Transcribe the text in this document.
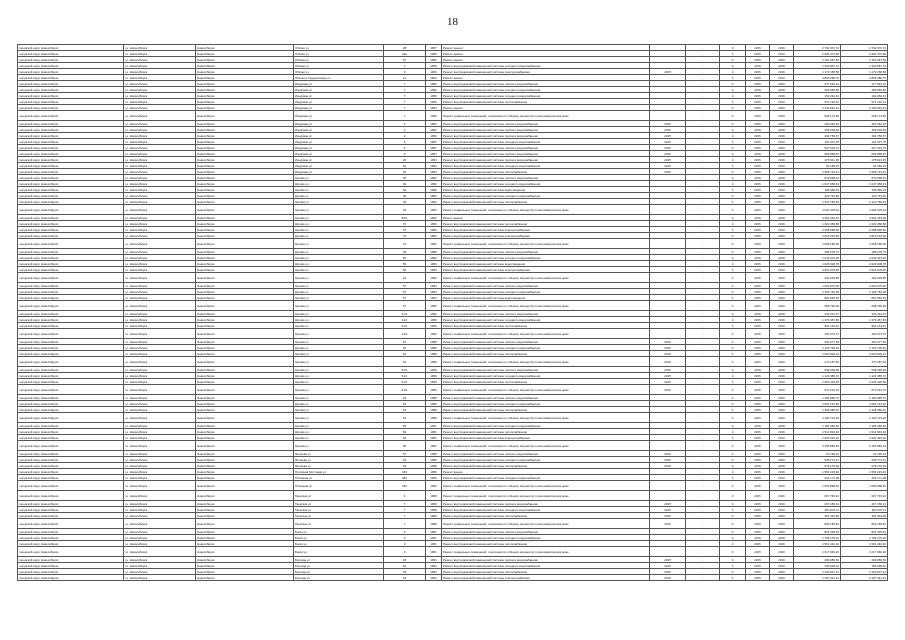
18
городской округ Новосибирск	г.о. Новосибирск	Новосибирск	Обская ул	28	1957	Ремонт крыши		-	0	2015	2016	2 794 970,72	2 794 970,72
городской округ Новосибирск	г.о. Новосибирск	Новосибирск	Обская ул	34а	1956	Ремонт крыши		-	0	2015	2016	1 694 472,96	1 694 472,96
городской округ Новосибирск	г.о. Новосибирск	Новосибирск	Обская ул	97	1960	Ремонт крыши		-	0	2015	2016	1 161 087,53	1 161 087,53
городской округ Новосибирск	г.о. Новосибирск	Новосибирск	Обская ул	7	1959	Ремонт внутридомовой инженерной системы холодного водоснабжения		-	0	2015	2016	1 329 867,72	1 329 867,72
городской округ Новосибирск	г.о. Новосибирск	Новосибирск	Обская ул	3	1964	Ремонт внутридомовой инженерной системы электроснабжения	2015	-	0	2015	2016	1 172 158,58	1 172 158,58
городской округ Новосибирск	г.о. Новосибирск	Новосибирск	Обьского Гидрозатвора ул	11	1963	Ремонт крыши		-	0	2015	2016	4 866 286,70	4 866 286,70
городской округ Новосибирск	г.о. Новосибирск	Новосибирск	Инкурман ул	7	1956	Ремонт внутридомовой инженерной системы горячего водоснабжения		-	0	2015	2016	377 646,24	377 646,24
городской округ Новосибирск	г.о. Новосибирск	Новосибирск	Инкурман ул	7	1956	Ремонт внутридомовой инженерной системы холодного водоснабжения		-	0	2015	2016	459 950,80	459 950,80
городской округ Новосибирск	г.о. Новосибирск	Новосибирск	Инкурман ул	7	1956	Ремонт внутридомовой инженерной системы холодного водоснабжения		-	0	2015	2016	163 262,43	163 262,43
городской округ Новосибирск	г.о. Новосибирск	Новосибирск	Инкурман ул	7	1956	Ремонт внутридомовой инженерной системы теплоснабжения		-	0	2015	2016	574 132,21	574 132,21
городской округ Новосибирск	г.о. Новосибирск	Новосибирск	Инкурман ул	7	1953	Ремонт крыши		-	0	2015	2016	2 440 932,44	2 440 932,44
городской округ Новосибирск	г.о. Новосибирск	Новосибирск	Инкурман ул	7	1956	Ремонт подвальных помещений, относящихся к общему имуществу в многоквартирном доме		-	0	2015	2016	528 173,50	528 173,50
городской округ Новосибирск	г.о. Новосибирск	Новосибирск	Инкурман ул	2	1952	Ремонт внутридомовой инженерной системы горячего водоснабжения	2015	-	0	2015	2016	492 062,45	492 062,45
городской округ Новосибирск	г.о. Новосибирск	Новосибирск	Инкурман ул	2	1952	Ремонт внутридомовой инженерной системы горячего водоснабжения	2015	-	0	2015	2016	466 618,45	466 618,45
городской округ Новосибирск	г.о. Новосибирск	Новосибирск	Инкурман ул	2	1952	Ремонт внутридомовой инженерной системы горячего водоснабжения	2015	-	0	2015	2016	294 756,67	294 756,67
городской округ Новосибирск	г.о. Новосибирск	Новосибирск	Инкурман ул	6	1957	Ремонт внутридомовой инженерной системы холодного водоснабжения	2015	-	0	2015	2016	161 007,78	161 007,78
городской округ Новосибирск	г.о. Новосибирск	Новосибирск	Инкурман ул	6	1957	Ремонт внутридомовой инженерной системы горячего водоснабжения	2015	-	0	2015	2016	527 034,72	527 034,72
городской округ Новосибирск	г.о. Новосибирск	Новосибирск	Инкурман ул	6	1957	Ремонт внутридомовой инженерной системы горячего водоснабжения	2015	-	0	2015	2016	665 868,87	665 868,87
городской округ Новосибирск	г.о. Новосибирск	Новосибирск	Инкурман ул	20	1954	Ремонт внутридомовой инженерной системы горячего водоснабжения	2015	-	0	2015	2016	478 921,35	478 921,35
городской округ Новосибирск	г.о. Новосибирск	Новосибирск	Инкурман ул	20	1954	Ремонт внутридомовой инженерной системы холодного водоснабжения	2015	-	0	2015	2016	92 180,23	92 180,23
городской округ Новосибирск	г.о. Новосибирск	Новосибирск	Инкурман ул	32	1953	Ремонт внутридомовой инженерной системы теплоснабжения	2015	-	0	2015	2016	1 968 743,41	1 968 743,41
городской округ Новосибирск	г.о. Новосибирск	Новосибирск	Кирова ул	30	1952	Ремонт внутридомовой инженерной системы горячего водоснабжения		-	0	2015	2016	879 698,44	879 698,44
городской округ Новосибирск	г.о. Новосибирск	Новосибирск	Кирова ул	30	1952	Ремонт внутридомовой инженерной системы холодного водоснабжения		-	0	2015	2016	1 047 058,43	1 047 058,43
городской округ Новосибирск	г.о. Новосибирск	Новосибирск	Кирова ул	49	1952	Ремонт внутридомовой инженерной системы водоотведения		-	0	2015	2016	199 466,23	199 466,23
городской округ Новосибирск	г.о. Новосибирск	Новосибирск	Кирова ул	49	1952	Ремонт внутридомовой инженерной системы холодного водоснабжения		-	0	2015	2016	422 733,82	422 733,82
городской округ Новосибирск	г.о. Новосибирск	Новосибирск	Кирова ул	49	1952	Ремонт внутридомовой инженерной системы теплоснабжения		-	0	2015	2016	1 410 786,63	1 410 786,63
городской округ Новосибирск	г.о. Новосибирск	Новосибирск	Кирова ул	49	1952	Ремонт подвальных помещений, относящихся к общему имуществу в многоквартирном доме		-	0	2015	2016	1 064 478,01	1 064 478,01
городской округ Новосибирск	г.о. Новосибирск	Новосибирск	Кирова ул	69/1	1952	Ремонт крыши		-	0	2015	2016	3 291 263,30	3 291 263,30
городской округ Новосибирск	г.о. Новосибирск	Новосибирск	Кирова ул	76	1953	Ремонт внутридомовой инженерной системы теплоснабжения		-	0	2015	2016	1 023 458,88	1 023 458,88
городской округ Новосибирск	г.о. Новосибирск	Новосибирск	Кирова ул	76	1952	Ремонт внутридомовой инженерной системы электроснабжения		-	0	2015	2016	2 298 698,60	2 298 698,60
городской округ Новосибирск	г.о. Новосибирск	Новосибирск	Кирова ул	76	1952	Ремонт внутридомовой инженерной системы электроснабжения		-	0	2015	2016	2 815 216,66	2 815 216,66
городской округ Новосибирск	г.о. Новосибирск	Новосибирск	Кирова ул	76	1952	Ремонт подвальных помещений, относящихся к общему имуществу в многоквартирном доме		-	0	2015	2016	1 098 158,00	1 098 158,00
городской округ Новосибирск	г.о. Новосибирск	Новосибирск	Кирова ул	39	1959	Ремонт внутридомовой инженерной системы горячего водоснабжения		-	0	2015	2016	488 278,73	488 278,73
городской округ Новосибирск	г.о. Новосибирск	Новосибирск	Кирова ул	55	1953	Ремонт внутридомовой инженерной системы холодного водоснабжения		-	0	2015	2016	1 043 413,26	1 043 413,26
городской округ Новосибирск	г.о. Новосибирск	Новосибирск	Кирова ул	55	1953	Ремонт внутридомовой инженерной системы водоотведения		-	0	2015	2016	1 026 608,78	1 026 608,78
городской округ Новосибирск	г.о. Новосибирск	Новосибирск	Кирова ул	55	1953	Ремонт внутридомовой инженерной системы электроснабжения		-	0	2015	2016	4 901 678,25	4 901 678,25
городской округ Новосибирск	г.о. Новосибирск	Новосибирск	Кирова ул	22	1956	Ремонт подвальных помещений, относящихся к общему имуществу в многоквартирном доме		-	0	2015	2016	492 039,85	492 039,85
городской округ Новосибирск	г.о. Новосибирск	Новосибирск	Кирова ул	57	1953	Ремонт внутридомовой инженерной системы горячего водоснабжения		-	0	2015	2016	1 063 976,06	1 063 976,06
городской округ Новосибирск	г.о. Новосибирск	Новосибирск	Кирова ул	57	1953	Ремонт внутридомовой инженерной системы холодного водоснабжения		-	0	2015	2016	1 166 784,38	1 166 784,38
городской округ Новосибирск	г.о. Новосибирск	Новосибирск	Кирова ул	57	1953	Ремонт внутридомовой инженерной системы водоотведения		-	0	2015	2016	862 966,53	862 966,53
городской округ Новосибирск	г.о. Новосибирск	Новосибирск	Кирова ул	57	1956	Ремонт подвальных помещений, относящихся к общему имуществу в многоквартирном доме		-	0	2015	2016	668 796,29	668 796,29
городской округ Новосибирск	г.о. Новосибирск	Новосибирск	Кирова ул	21/1	1956	Ремонт внутридомовой инженерной системы горячего водоснабжения		-	0	2015	2016	343 431,07	343 431,07
городской округ Новосибирск	г.о. Новосибирск	Новосибирск	Кирова ул	21/1	1956	Ремонт внутридомовой инженерной системы холодного водоснабжения		-	0	2015	2016	1 376 457,65	1 376 457,65
городской округ Новосибирск	г.о. Новосибирск	Новосибирск	Кирова ул	21/1	1956	Ремонт внутридомовой инженерной системы теплоснабжения		-	0	2015	2016	991 164,61	991 164,61
городской округ Новосибирск	г.о. Новосибирск	Новосибирск	Кирова ул	21/1	1956	Ремонт подвальных помещений, относящихся к общему имуществу в многоквартирном доме		-	0	2015	2016	400 373,72	400 373,72
городской округ Новосибирск	г.о. Новосибирск	Новосибирск	Кирова ул	64	1958	Ремонт внутридомовой инженерной системы горячего водоснабжения	2015	-	0	2015	2016	352 077,69	352 077,69
городской округ Новосибирск	г.о. Новосибирск	Новосибирск	Кирова ул	64	1958	Ремонт внутридомовой инженерной системы холодного водоснабжения	2015	-	0	2015	2016	1 103 700,63	1 103 700,63
городской округ Новосибирск	г.о. Новосибирск	Новосибирск	Кирова ул	64	1958	Ремонт внутридомовой инженерной системы теплоснабжения	2015	-	0	2015	2016	1 060 900,21	1 060 900,21
городской округ Новосибирск	г.о. Новосибирск	Новосибирск	Кирова ул	64	1958	Ремонт подвальных помещений, относящихся к общему имуществу в многоквартирном доме	2015	-	0	2015	2016	470 187,02	470 187,02
городской округ Новосибирск	г.о. Новосибирск	Новосибирск	Кирова ул	61/1	1959	Ремонт внутридомовой инженерной системы горячего водоснабжения	2015	-	0	2015	2016	548 248,48	548 248,48
городской округ Новосибирск	г.о. Новосибирск	Новосибирск	Кирова ул	61/1	1959	Ремонт внутридомовой инженерной системы холодного водоснабжения	2015	-	0	2015	2016	1 124 385,72	1 124 385,72
городской округ Новосибирск	г.о. Новосибирск	Новосибирск	Кирова ул	61/1	1959	Ремонт внутридомовой инженерной системы теплоснабжения	2015	-	0	2015	2016	1 093 426,56	1 093 426,56
городской округ Новосибирск	г.о. Новосибирск	Новосибирск	Кирова ул	61/1	1959	Ремонт подвальных помещений, относящихся к общему имуществу в многоквартирном доме	2015	-	0	2015	2016	670 231,76	670 231,76
городской округ Новосибирск	г.о. Новосибирск	Новосибирск	Кирова ул	63	1958	Ремонт внутридомовой инженерной системы горячего водоснабжения		-	0	2015	2016	1 183 965,72	1 183 965,72
городской округ Новосибирск	г.о. Новосибирск	Новосибирск	Кирова ул	63	1958	Ремонт внутридомовой инженерной системы холодного водоснабжения		-	0	2015	2016	1 054 143,92	1 054 143,92
городской округ Новосибирск	г.о. Новосибирск	Новосибирск	Кирова ул	63	1958	Ремонт внутридомовой инженерной системы теплоснабжения		-	0	2015	2016	1 328 386,01	1 328 386,01
городской округ Новосибирск	г.о. Новосибирск	Новосибирск	Кирова ул	63	1958	Ремонт подвальных помещений, относящихся к общему имуществу в многоквартирном доме		-	0	2015	2016	1 160 713,26	1 160 713,26
городской округ Новосибирск	г.о. Новосибирск	Новосибирск	Кирова ул	69	1951	Ремонт внутридомовой инженерной системы холодного водоснабжения		-	0	2015	2016	1 184 456,60	1 184 456,60
городской округ Новосибирск	г.о. Новосибирск	Новосибирск	Кирова ул	69	1951	Ремонт внутридомовой инженерной системы теплоснабжения		-	0	2015	2016	1 514 834,40	1 514 834,40
городской округ Новосибирск	г.о. Новосибирск	Новосибирск	Кирова ул	69	1951	Ремонт внутридомовой инженерной системы электроснабжения		-	0	2015	2016	1 063 443,02	1 063 443,02
городской округ Новосибирск	г.о. Новосибирск	Новосибирск	Кирова ул	69	1951	Ремонт подвальных помещений, относящихся к общему имуществу в многоквартирном доме		-	0	2015	2016	2 155 982,94	2 155 982,94
городской округ Новосибирск	г.о. Новосибирск	Новосибирск	Якушева ул	57	1958	Ремонт внутридомовой инженерной системы горячего водоснабжения	2015	-	0	2015	2016	51 196,34	51 196,34
городской округ Новосибирск	г.о. Новосибирск	Новосибирск	Якушева ул	23	1958	Ремонт внутридомовой инженерной системы холодного водоснабжения	2015	-	0	2015	2016	538 772,41	538 772,41
городской округ Новосибирск	г.о. Новосибирск	Новосибирск	Якушева ул	23	1958	Ремонт внутридомовой инженерной системы теплоснабжения	2015	-	0	2015	2016	678 176,39	678 176,39
городской округ Новосибирск	г.о. Новосибирск	Новосибирск	Полярная Мостовая ул	183	1956	Ремонт крыши		-	0	2015	2016	1 554 233,46	1 554 233,46
городской округ Новосибирск	г.о. Новосибирск	Новосибирск	Полярная ул	183	1956	Ремонт внутридомовой инженерной системы холодного водоснабжения		-	0	2015	2016	423 171,08	423 171,08
городской округ Новосибирск	г.о. Новосибирск	Новосибирск	Полярная ул	184	1952	Ремонт подвальных помещений, относящихся к общему имуществу в многоквартирном доме		-	0	2015	2016	1 066 898,46	1 066 898,46
городской округ Новосибирск	г.о. Новосибирск	Новосибирск	Тверская ул	4	1968	Ремонт подвальных помещений, относящихся к общему имуществу в многоквартирном доме		-	0	2015	2016	607 745,22	607 745,22
городской округ Новосибирск	г.о. Новосибирск	Новосибирск	Тверская ул	7	1968	Ремонт внутридомовой инженерной системы горячего водоснабжения	2015	-	0	2015	2016	267 158,31	267 158,31
городской округ Новосибирск	г.о. Новосибирск	Новосибирск	Тверская ул	7	1968	Ремонт внутридомовой инженерной системы холодного водоснабжения	2015	-	0	2015	2016	254 037,11	254 037,11
городской округ Новосибирск	г.о. Новосибирск	Новосибирск	Тверская ул	7	1968	Ремонт внутридомовой инженерной системы теплоснабжения	2015	-	0	2015	2016	364 463,48	364 463,48
городской округ Новосибирск	г.о. Новосибирск	Новосибирск	Тверская ул	7	1968	Ремонт подвальных помещений, относящихся к общему имуществу в многоквартирном доме	2015	-	0	2015	2016	829 159,62	829 159,62
городской округ Новосибирск	г.о. Новосибирск	Новосибирск	Бокса ул	3	1951	Ремонт внутридомовой инженерной системы горячего водоснабжения		-	0	2015	2016	824 439,63	824 439,63
городской округ Новосибирск	г.о. Новосибирск	Новосибирск	Бокса ул	3	1951	Ремонт внутридомовой инженерной системы холодного водоснабжения		-	0	2015	2016	1 794 175,22	1 794 175,22
городской округ Новосибирск	г.о. Новосибирск	Новосибирск	Бокса ул	3	1951	Ремонт внутридомовой инженерной системы теплоснабжения		-	0	2015	2016	1 561 442,02	1 561 442,02
городской округ Новосибирск	г.о. Новосибирск	Новосибирск	Бокса ул	3	1951	Ремонт подвальных помещений, относящихся к общему имуществу в многоквартирном доме		-	0	2015	2016	1 017 960,20	1 017 960,20
городской округ Новосибирск	г.о. Новосибирск	Новосибирск	Бограда ул	18	1954	Ремонт внутридомовой инженерной системы горячего водоснабжения	2015	-	0	2015	2016	269 089,50	269 089,50
городской округ Новосибирск	г.о. Новосибирск	Новосибирск	Бограда ул	18	1954	Ремонт внутридомовой инженерной системы холодного водоснабжения	2015	-	0	2015	2016	780 028,91	780 028,91
городской округ Новосибирск	г.о. Новосибирск	Новосибирск	Бограда ул	18	1954	Ремонт внутридомовой инженерной системы теплоснабжения	2015	-	0	2015	2016	1 409 607,21	1 409 607,21
городской округ Новосибирск	г.о. Новосибирск	Новосибирск	Бограда ул	18	1954	Ремонт внутридомовой инженерной системы электроснабжения	2015	-	0	2015	2016	1 297 441,21	1 297 441,21
